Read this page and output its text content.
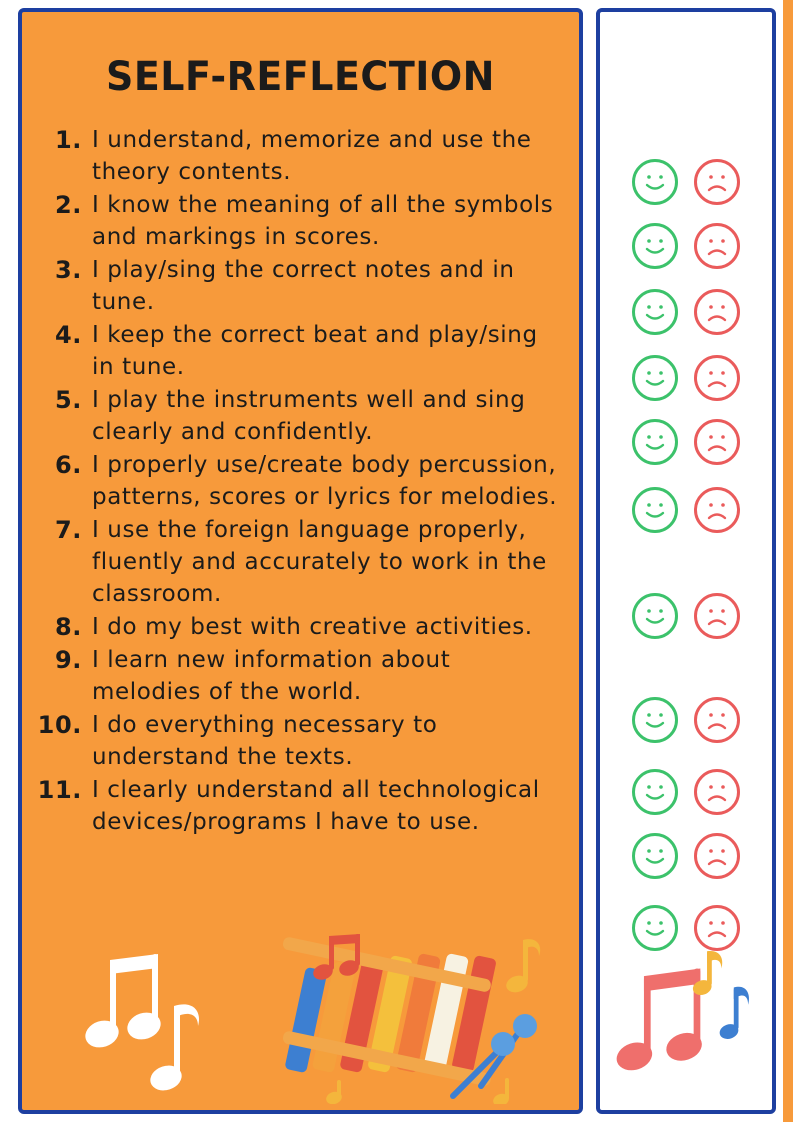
SELF-REFLECTION
1. I understand, memorize and use the theory contents.
2. I know the meaning of all the symbols and markings in scores.
3. I play/sing the correct notes and in tune.
4. I keep the correct beat and play/sing in tune.
5. I play the instruments well and sing clearly and confidently.
6. I properly use/create body percussion, patterns, scores or lyrics for melodies.
7. I use the foreign language properly, fluently and accurately to work in the classroom.
8. I do my best with creative activities.
9. I learn new information about melodies of the world.
10. I do everything necessary to understand the texts.
11. I clearly understand all technological devices/programs I have to use.
